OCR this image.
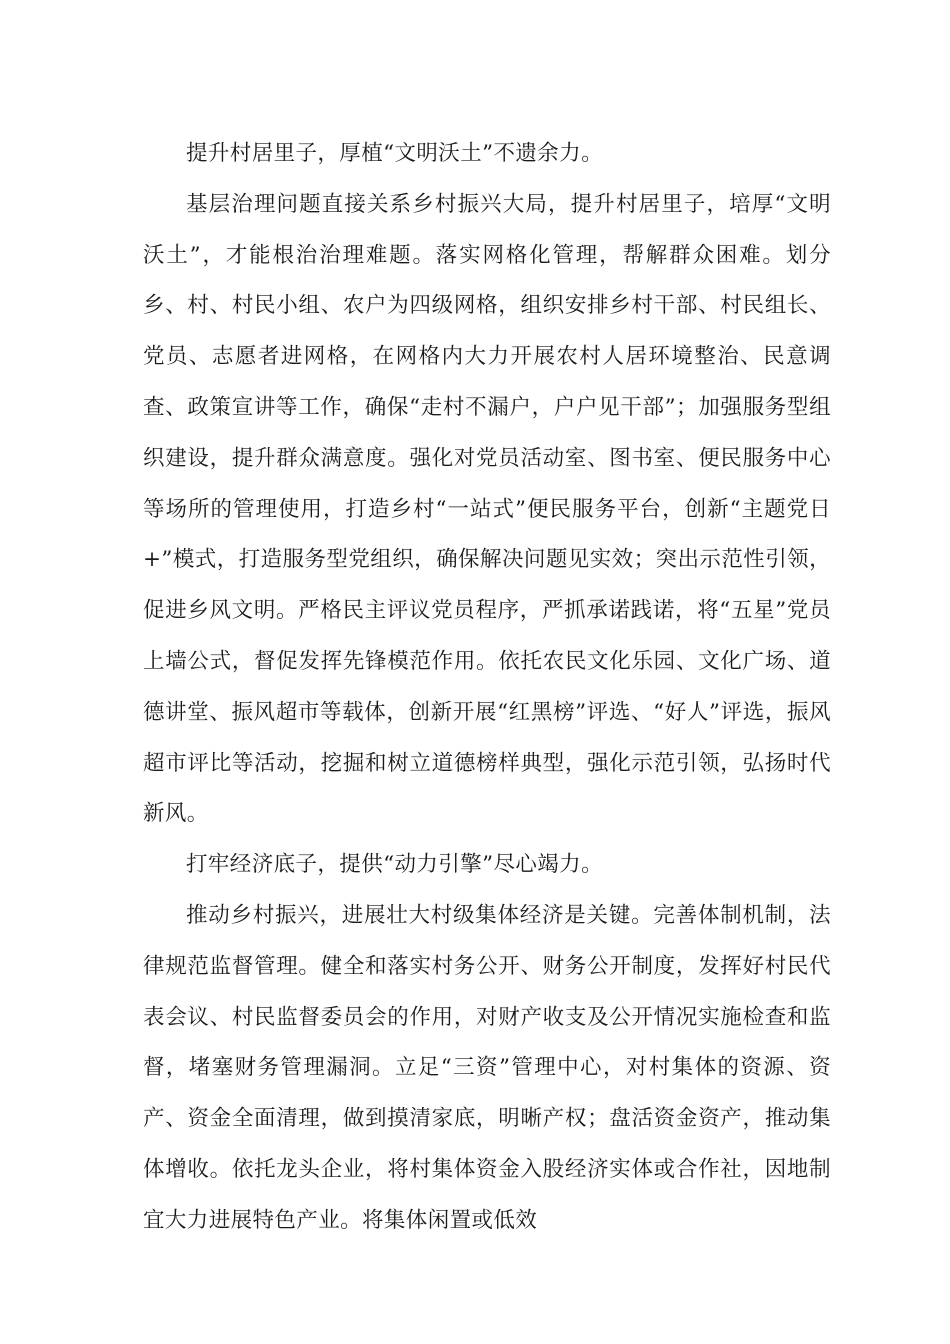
提升村居里子，厚植“文明沃土”不遗余力。

基层治理问题直接关系乡村振兴大局，提升村居里子，培厚“文明沃土”，才能根治治理难题。落实网格化管理，帮解群众困难。划分乡、村、村民小组、农户为四级网格，组织安排乡村干部、村民组长、党员、志愿者进网格，在网格内大力开展农村人居环境整治、民意调查、政策宣讲等工作，确保“走村不漏户，户户见干部”；加强服务型组织建设，提升群众满意度。强化对党员活动室、图书室、便民服务中心等场所的管理使用，打造乡村“一站式”便民服务平台，创新“主题党日+”模式，打造服务型党组织，确保解决问题见实效；突出示范性引领，促进乡风文明。严格民主评议党员程序，严抓承诺践诺，将“五星”党员上墙公式，督促发挥先锋模范作用。依托农民文化乐园、文化广场、道德讲堂、振风超市等载体，创新开展“红黑榜”评选、“好人”评选，振风超市评比等活动，挖掘和树立道德榜样典型，强化示范引领，弘扬时代新风。

打牢经济底子，提供“动力引擎”尽心竭力。

推动乡村振兴，进展壮大村级集体经济是关键。完善体制机制，法律规范监督管理。健全和落实村务公开、财务公开制度，发挥好村民代表会议、村民监督委员会的作用，对财产收支及公开情况实施检查和监督，堵塞财务管理漏洞。立足“三资”管理中心，对村集体的资源、资产、资金全面清理，做到摸清家底，明晰产权；盘活资金资产，推动集体增收。依托龙头企业，将村集体资金入股经济实体或合作社，因地制宜大力进展特色产业。将集体闲置或低效
